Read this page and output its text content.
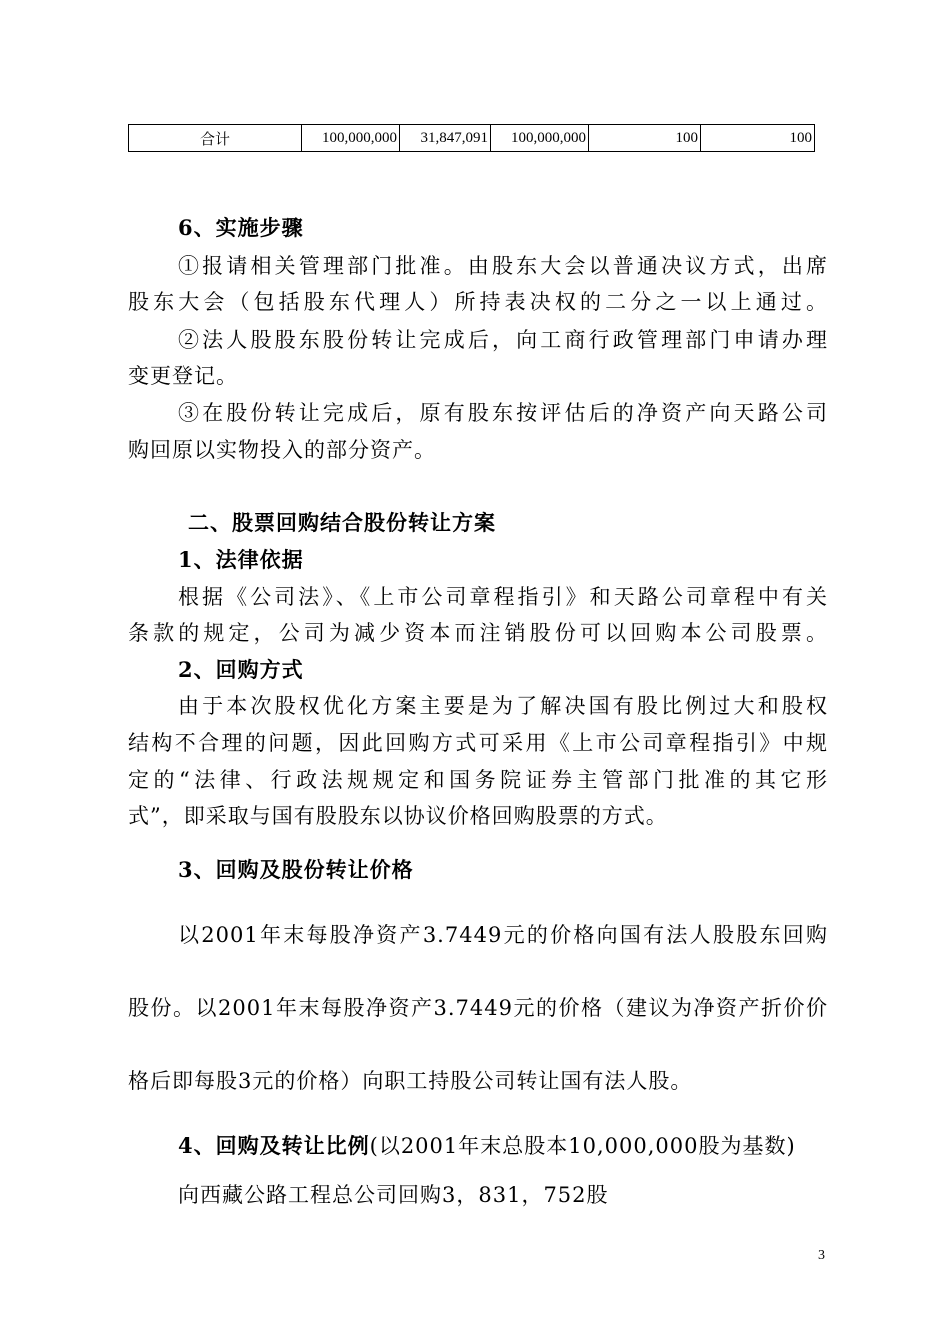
合计	100,000,000	31,847,091	100,000,000	100	100
6、实施步骤
①报请相关管理部门批准。由股东大会以普通决议方式，出席
股东大会（包括股东代理人）所持表决权的二分之一以上通过。
②法人股股东股份转让完成后，向工商行政管理部门申请办理
变更登记。
③在股份转让完成后，原有股东按评估后的净资产向天路公司
购回原以实物投入的部分资产。
二、股票回购结合股份转让方案
1、法律依据
根据《公司法》、《上市公司章程指引》和天路公司章程中有关
条款的规定，公司为减少资本而注销股份可以回购本公司股票。
2、回购方式
由于本次股权优化方案主要是为了解决国有股比例过大和股权
结构不合理的问题，因此回购方式可采用《上市公司章程指引》中规
定的“法律、行政法规规定和国务院证券主管部门批准的其它形
式”，即采取与国有股股东以协议价格回购股票的方式。
3、回购及股份转让价格
以2001年末每股净资产3.7449元的价格向国有法人股股东回购
股份。以2001年末每股净资产3.7449元的价格（建议为净资产折价价
格后即每股3元的价格）向职工持股公司转让国有法人股。
4、回购及转让比例(以2001年末总股本10,000,000股为基数)
向西藏公路工程总公司回购3，831，752股
3
